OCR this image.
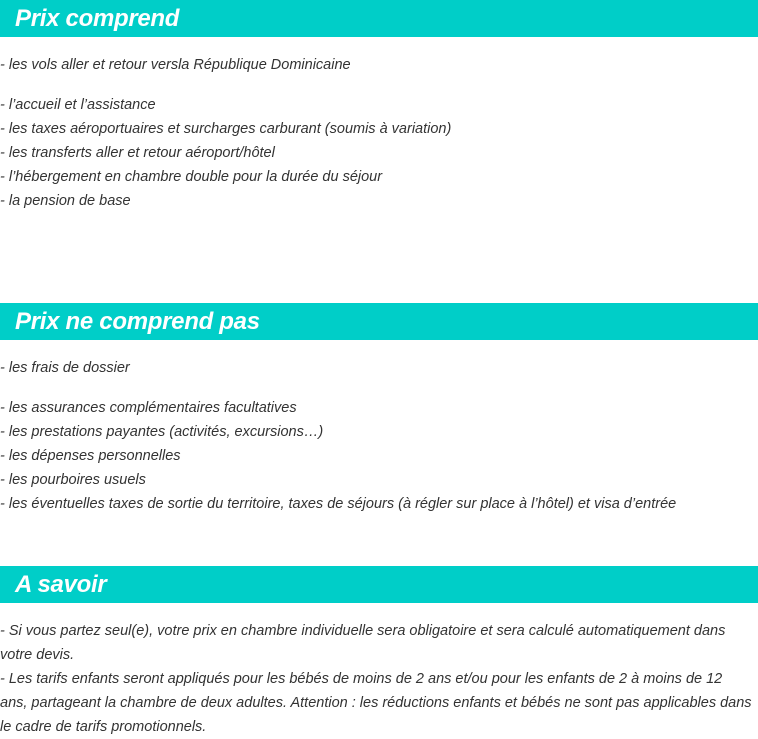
Prix comprend
- les vols aller et retour versla République Dominicaine
- l’accueil et l’assistance
- les taxes aéroportuaires et surcharges carburant (soumis à variation)
- les transferts aller et retour aéroport/hôtel
- l’hébergement en chambre double pour la durée du séjour
- la pension de base
Prix ne comprend pas
- les frais de dossier
- les assurances complémentaires facultatives
- les prestations payantes (activités, excursions…)
- les dépenses personnelles
- les pourboires usuels
- les éventuelles taxes de sortie du territoire, taxes de séjours (à régler sur place à l’hôtel) et visa d’entrée
A savoir
- Si vous partez seul(e), votre prix en chambre individuelle sera obligatoire et sera calculé automatiquement dans votre devis.
- Les tarifs enfants seront appliqués pour les bébés de moins de 2 ans et/ou pour les enfants de 2 à moins de 12 ans, partageant la chambre de deux adultes. Attention : les réductions enfants et bébés ne sont pas applicables dans le cadre de tarifs promotionnels.
